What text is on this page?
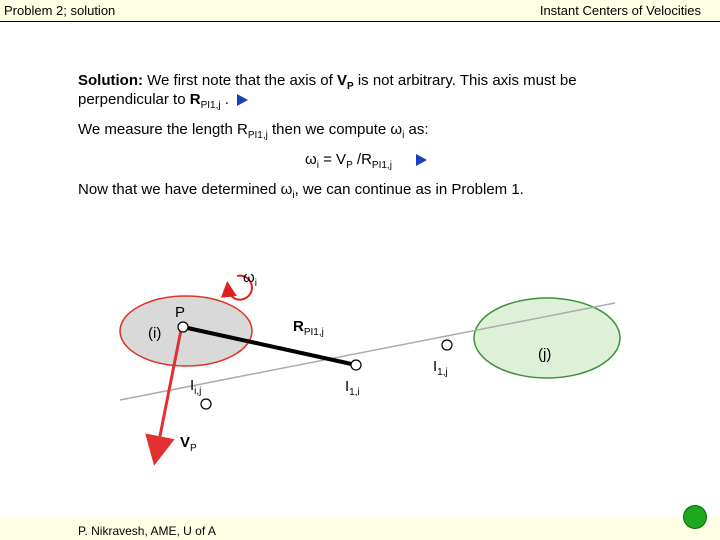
Problem 2; solution	Instant Centers of Velocities
Solution: We first note that the axis of $V_P$ is not arbitrary. This axis must be
perpendicular to $R_{PI1,j}$ .
We measure the length $R_{PI1,j}$ then we compute $\omega_i$ as:
$\omega_i = V_P$ $/R_{PI1,j}$
Now that we have determined $\omega_i$, we can continue as in Problem 1.
$\omega_i$
P
(i)
(j)
$R_{PI1,j}$
$I_{i,j}$	$I_{1,i}$
$I_{1,j}$
$V_P$
P. Nikravesh, AME, U of A
